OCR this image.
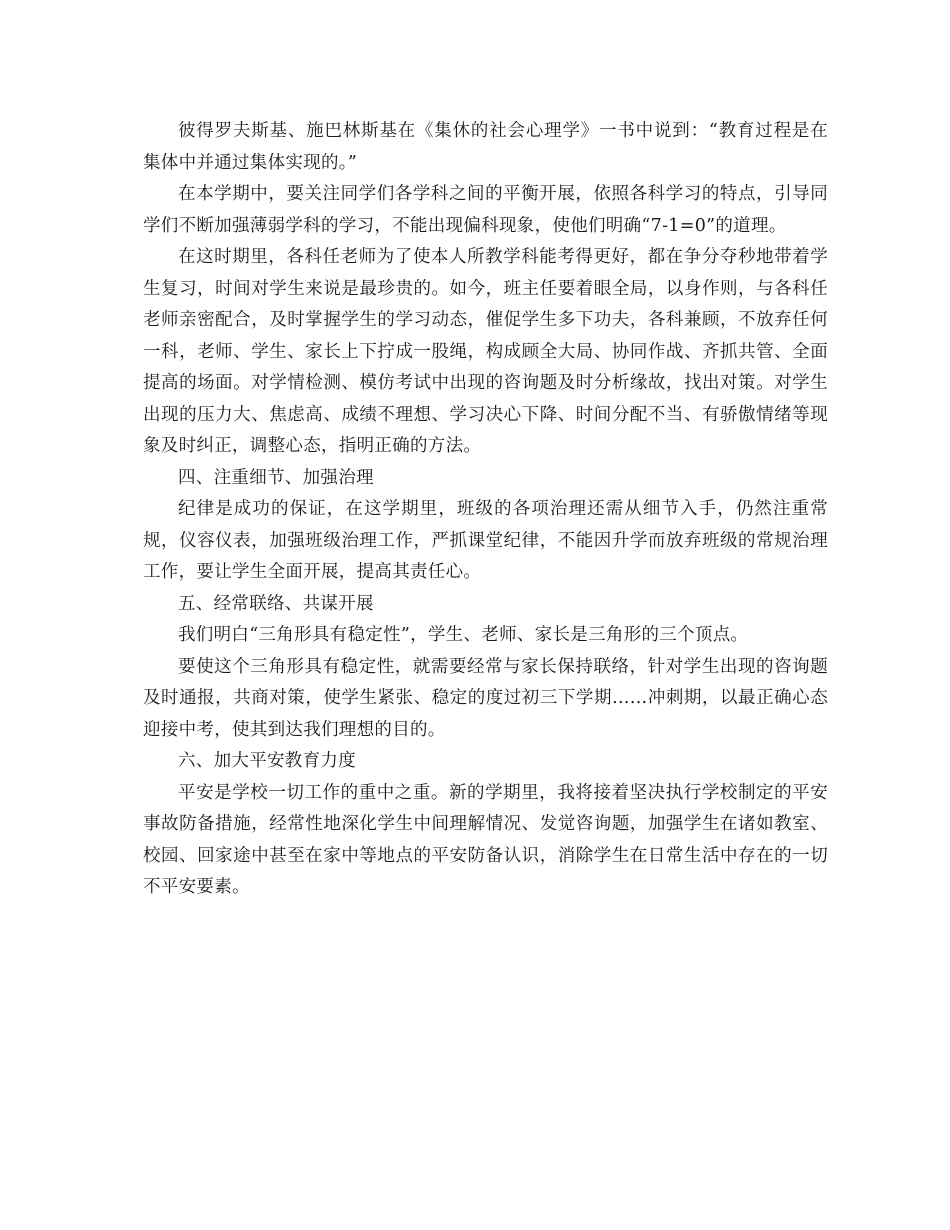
彼得罗夫斯基、施巴林斯基在《集休的社会心理学》一书中说到：“教育过程是在集体中并通过集体实现的。”

在本学期中，要关注同学们各学科之间的平衡开展，依照各科学习的特点，引导同学们不断加强薄弱学科的学习，不能出现偏科现象，使他们明确“7-1=0”的道理。

在这时期里，各科任老师为了使本人所教学科能考得更好，都在争分夺秒地带着学生复习，时间对学生来说是最珍贵的。如今，班主任要着眼全局，以身作则，与各科任老师亲密配合，及时掌握学生的学习动态，催促学生多下功夫，各科兼顾，不放弃任何一科，老师、学生、家长上下拧成一股绳，构成顾全大局、协同作战、齐抓共管、全面提高的场面。对学情检测、模仿考试中出现的咨询题及时分析缘故，找出对策。对学生出现的压力大、焦虑高、成绩不理想、学习决心下降、时间分配不当、有骄傲情绪等现象及时纠正，调整心态，指明正确的方法。

四、注重细节、加强治理

纪律是成功的保证，在这学期里，班级的各项治理还需从细节入手，仍然注重常规，仪容仪表，加强班级治理工作，严抓课堂纪律，不能因升学而放弃班级的常规治理工作，要让学生全面开展，提高其责任心。

五、经常联络、共谋开展

我们明白“三角形具有稳定性”，学生、老师、家长是三角形的三个顶点。

要使这个三角形具有稳定性，就需要经常与家长保持联络，针对学生出现的咨询题及时通报，共商对策，使学生紧张、稳定的度过初三下学期……冲刺期，以最正确心态迎接中考，使其到达我们理想的目的。

六、加大平安教育力度

平安是学校一切工作的重中之重。新的学期里，我将接着坚决执行学校制定的平安事故防备措施，经常性地深化学生中间理解情况、发觉咨询题，加强学生在诸如教室、校园、回家途中甚至在家中等地点的平安防备认识，消除学生在日常生活中存在的一切不平安要素。
